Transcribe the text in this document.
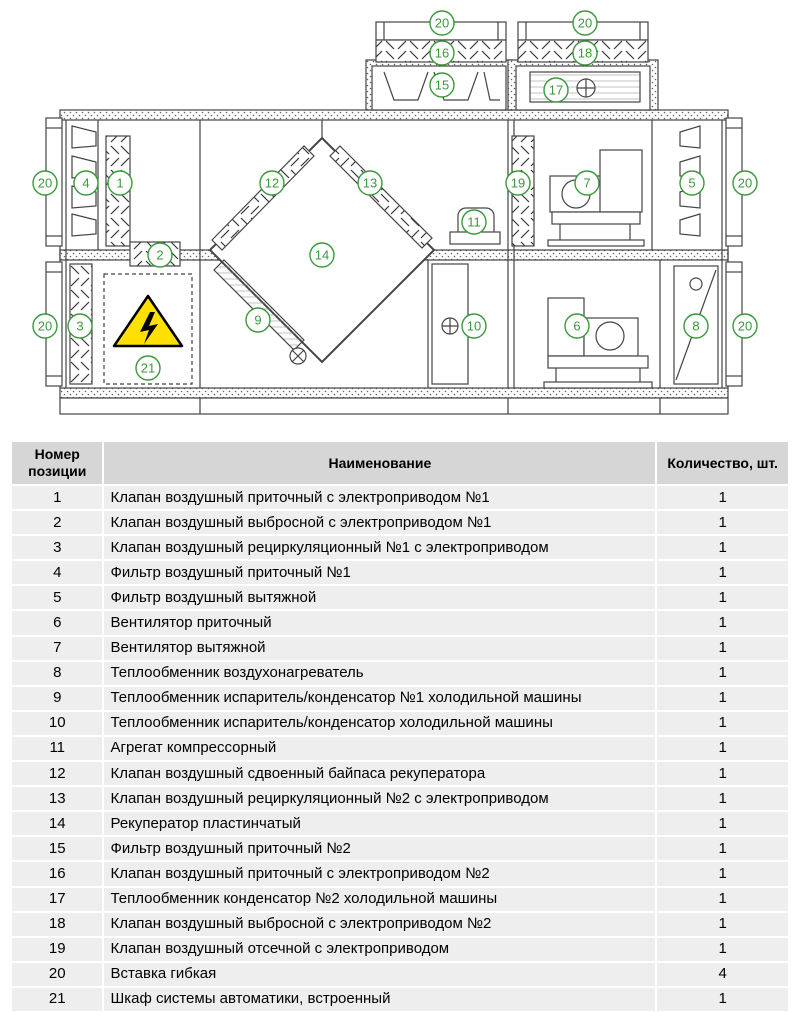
20	20
16	18
15	17
20 4 1	12	13	19	7	5	20
11
2	14
20 3	9	10	6	8	20
21
Номер позиции	Наименование	Количество, шт.
1	Клапан воздушный приточный с электроприводом №1	1
2	Клапан воздушный выбросной с электроприводом №1	1
3	Клапан воздушный рециркуляционный №1 с электроприводом	1
4	Фильтр воздушный приточный №1	1
5	Фильтр воздушный вытяжной	1
6	Вентилятор приточный	1
7	Вентилятор вытяжной	1
8	Теплообменник воздухонагреватель	1
9	Теплообменник испаритель/конденсатор №1 холодильной машины	1
10	Теплообменник испаритель/конденсатор холодильной машины	1
11	Агрегат компрессорный	1
12	Клапан воздушный сдвоенный байпаса рекуператора	1
13	Клапан воздушный рециркуляционный №2 с электроприводом	1
14	Рекуператор пластинчатый	1
15	Фильтр воздушный приточный №2	1
16	Клапан воздушный приточный с электроприводом №2	1
17	Теплообменник конденсатор №2 холодильной машины	1
18	Клапан воздушный выбросной с электроприводом №2	1
19	Клапан воздушный отсечной с электроприводом	1
20	Вставка гибкая	4
21	Шкаф системы автоматики, встроенный	1
